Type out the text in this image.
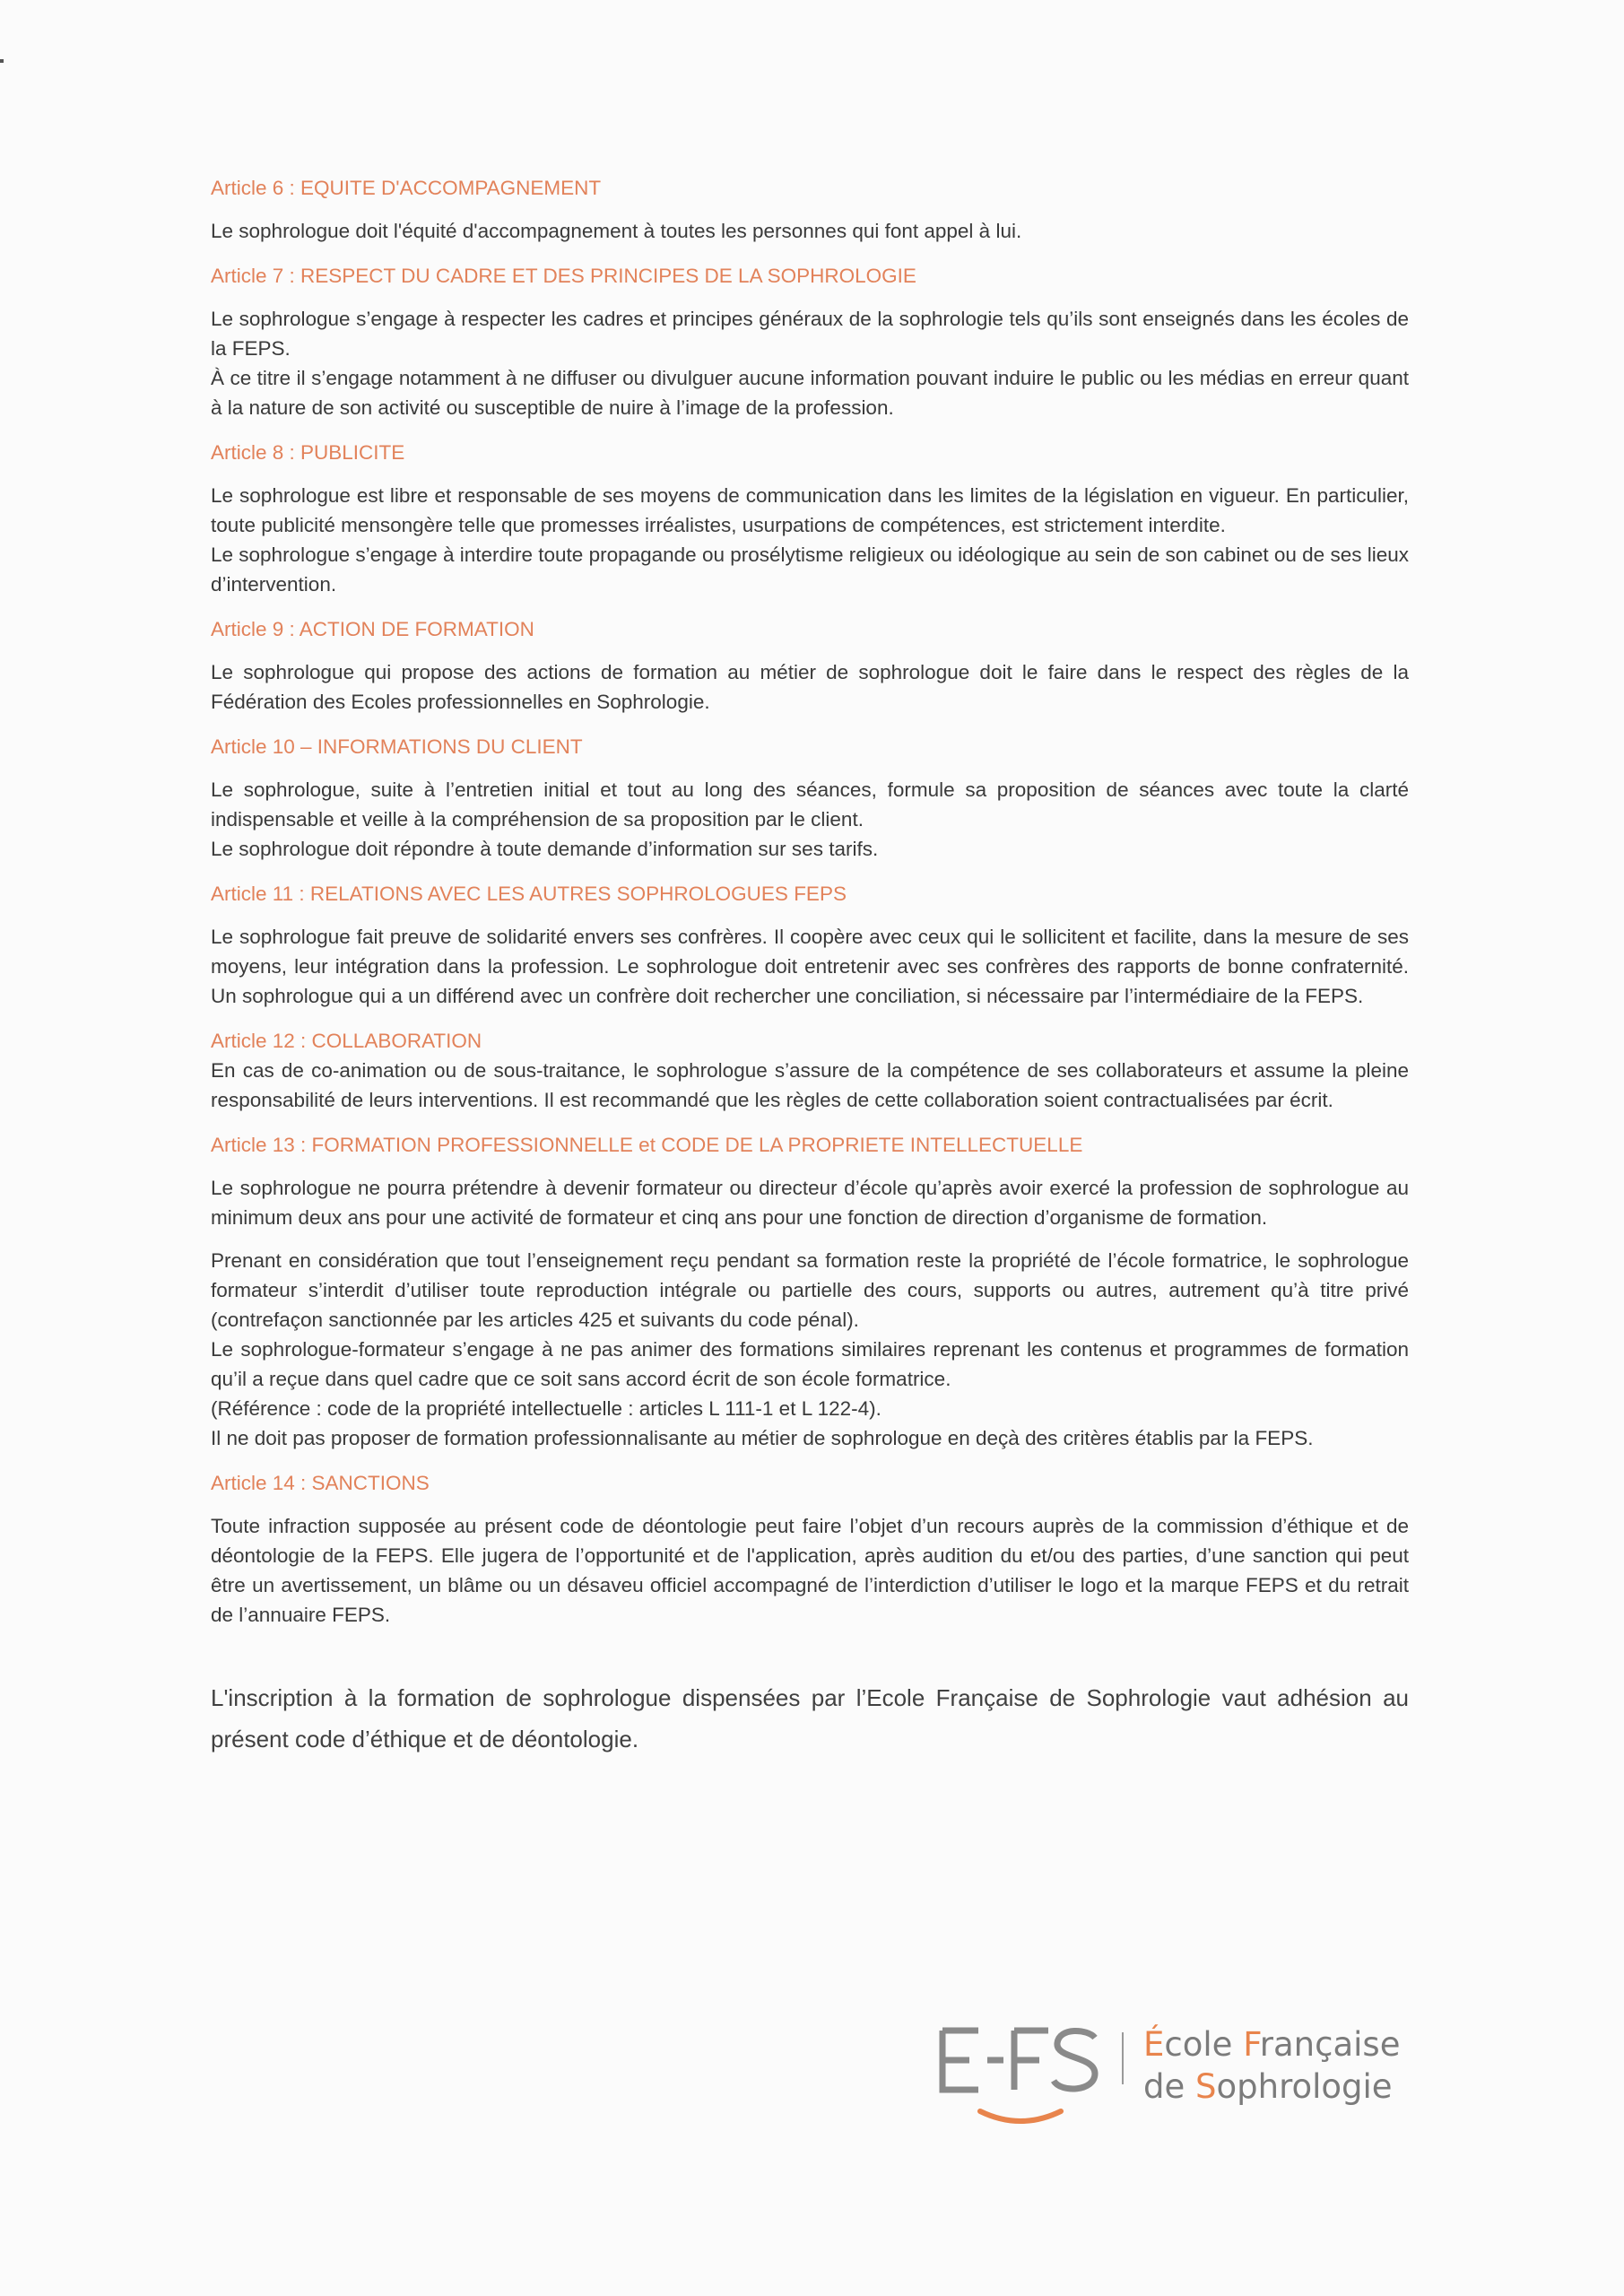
Article 6 : EQUITE D'ACCOMPAGNEMENT

Le sophrologue doit l'équité d'accompagnement à toutes les personnes qui font appel à lui.

Article 7 : RESPECT DU CADRE ET DES PRINCIPES DE LA SOPHROLOGIE

Le sophrologue s’engage à respecter les cadres et principes généraux de la sophrologie tels qu’ils sont enseignés dans les écoles de la FEPS.
À ce titre il s’engage notamment à ne diffuser ou divulguer aucune information pouvant induire le public ou les médias en erreur quant à la nature de son activité ou susceptible de nuire à l’image de la profession.

Article 8 : PUBLICITE

Le sophrologue est libre et responsable de ses moyens de communication dans les limites de la législation en vigueur. En particulier, toute publicité mensongère telle que promesses irréalistes, usurpations de compétences, est strictement interdite.
Le sophrologue s’engage à interdire toute propagande ou prosélytisme religieux ou idéologique au sein de son cabinet ou de ses lieux d’intervention.

Article 9 : ACTION DE FORMATION

Le sophrologue qui propose des actions de formation au métier de sophrologue doit le faire dans le respect des règles de la Fédération des Ecoles professionnelles en Sophrologie.

Article 10 – INFORMATIONS DU CLIENT

Le sophrologue, suite à l’entretien initial et tout au long des séances, formule sa proposition de séances avec toute la clarté indispensable et veille à la compréhension de sa proposition par le client.
Le sophrologue doit répondre à toute demande d’information sur ses tarifs.

Article 11 : RELATIONS AVEC LES AUTRES SOPHROLOGUES FEPS

Le sophrologue fait preuve de solidarité envers ses confrères. Il coopère avec ceux qui le sollicitent et facilite, dans la mesure de ses moyens, leur intégration dans la profession. Le sophrologue doit entretenir avec ses confrères des rapports de bonne confraternité. Un sophrologue qui a un différend avec un confrère doit rechercher une conciliation, si nécessaire par l’intermédiaire de la FEPS.

Article 12 : COLLABORATION

En cas de co-animation ou de sous-traitance, le sophrologue s’assure de la compétence de ses collaborateurs et assume la pleine responsabilité de leurs interventions. Il est recommandé que les règles de cette collaboration soient contractualisées par écrit.

Article 13 : FORMATION PROFESSIONNELLE et CODE DE LA PROPRIETE INTELLECTUELLE

Le sophrologue ne pourra prétendre à devenir formateur ou directeur d’école qu’après avoir exercé la profession de sophrologue au minimum deux ans pour une activité de formateur et cinq ans pour une fonction de direction d’organisme de formation.

Prenant en considération que tout l’enseignement reçu pendant sa formation reste la propriété de l’école formatrice, le sophrologue formateur s’interdit d’utiliser toute reproduction intégrale ou partielle des cours, supports ou autres, autrement qu’à titre privé (contrefaçon sanctionnée par les articles 425 et suivants du code pénal).
Le sophrologue-formateur s’engage à ne pas animer des formations similaires reprenant les contenus et programmes de formation qu’il a reçue dans quel cadre que ce soit sans accord écrit de son école formatrice.
(Référence : code de la propriété intellectuelle : articles L 111-1 et L 122-4).
Il ne doit pas proposer de formation professionnalisante au métier de sophrologue en deçà des critères établis par la FEPS.

Article 14 : SANCTIONS

Toute infraction supposée au présent code de déontologie peut faire l’objet d’un recours auprès de la commission d’éthique et de déontologie de la FEPS. Elle jugera de l’opportunité et de l'application, après audition du et/ou des parties, d’une sanction qui peut être un avertissement, un blâme ou un désaveu officiel accompagné de l’interdiction d’utiliser le logo et la marque FEPS et du retrait de l’annuaire FEPS.

L'inscription à la formation de sophrologue dispensées par l’Ecole Française de Sophrologie vaut adhésion au présent code d’éthique et de déontologie.

École Française
de Sophrologie
